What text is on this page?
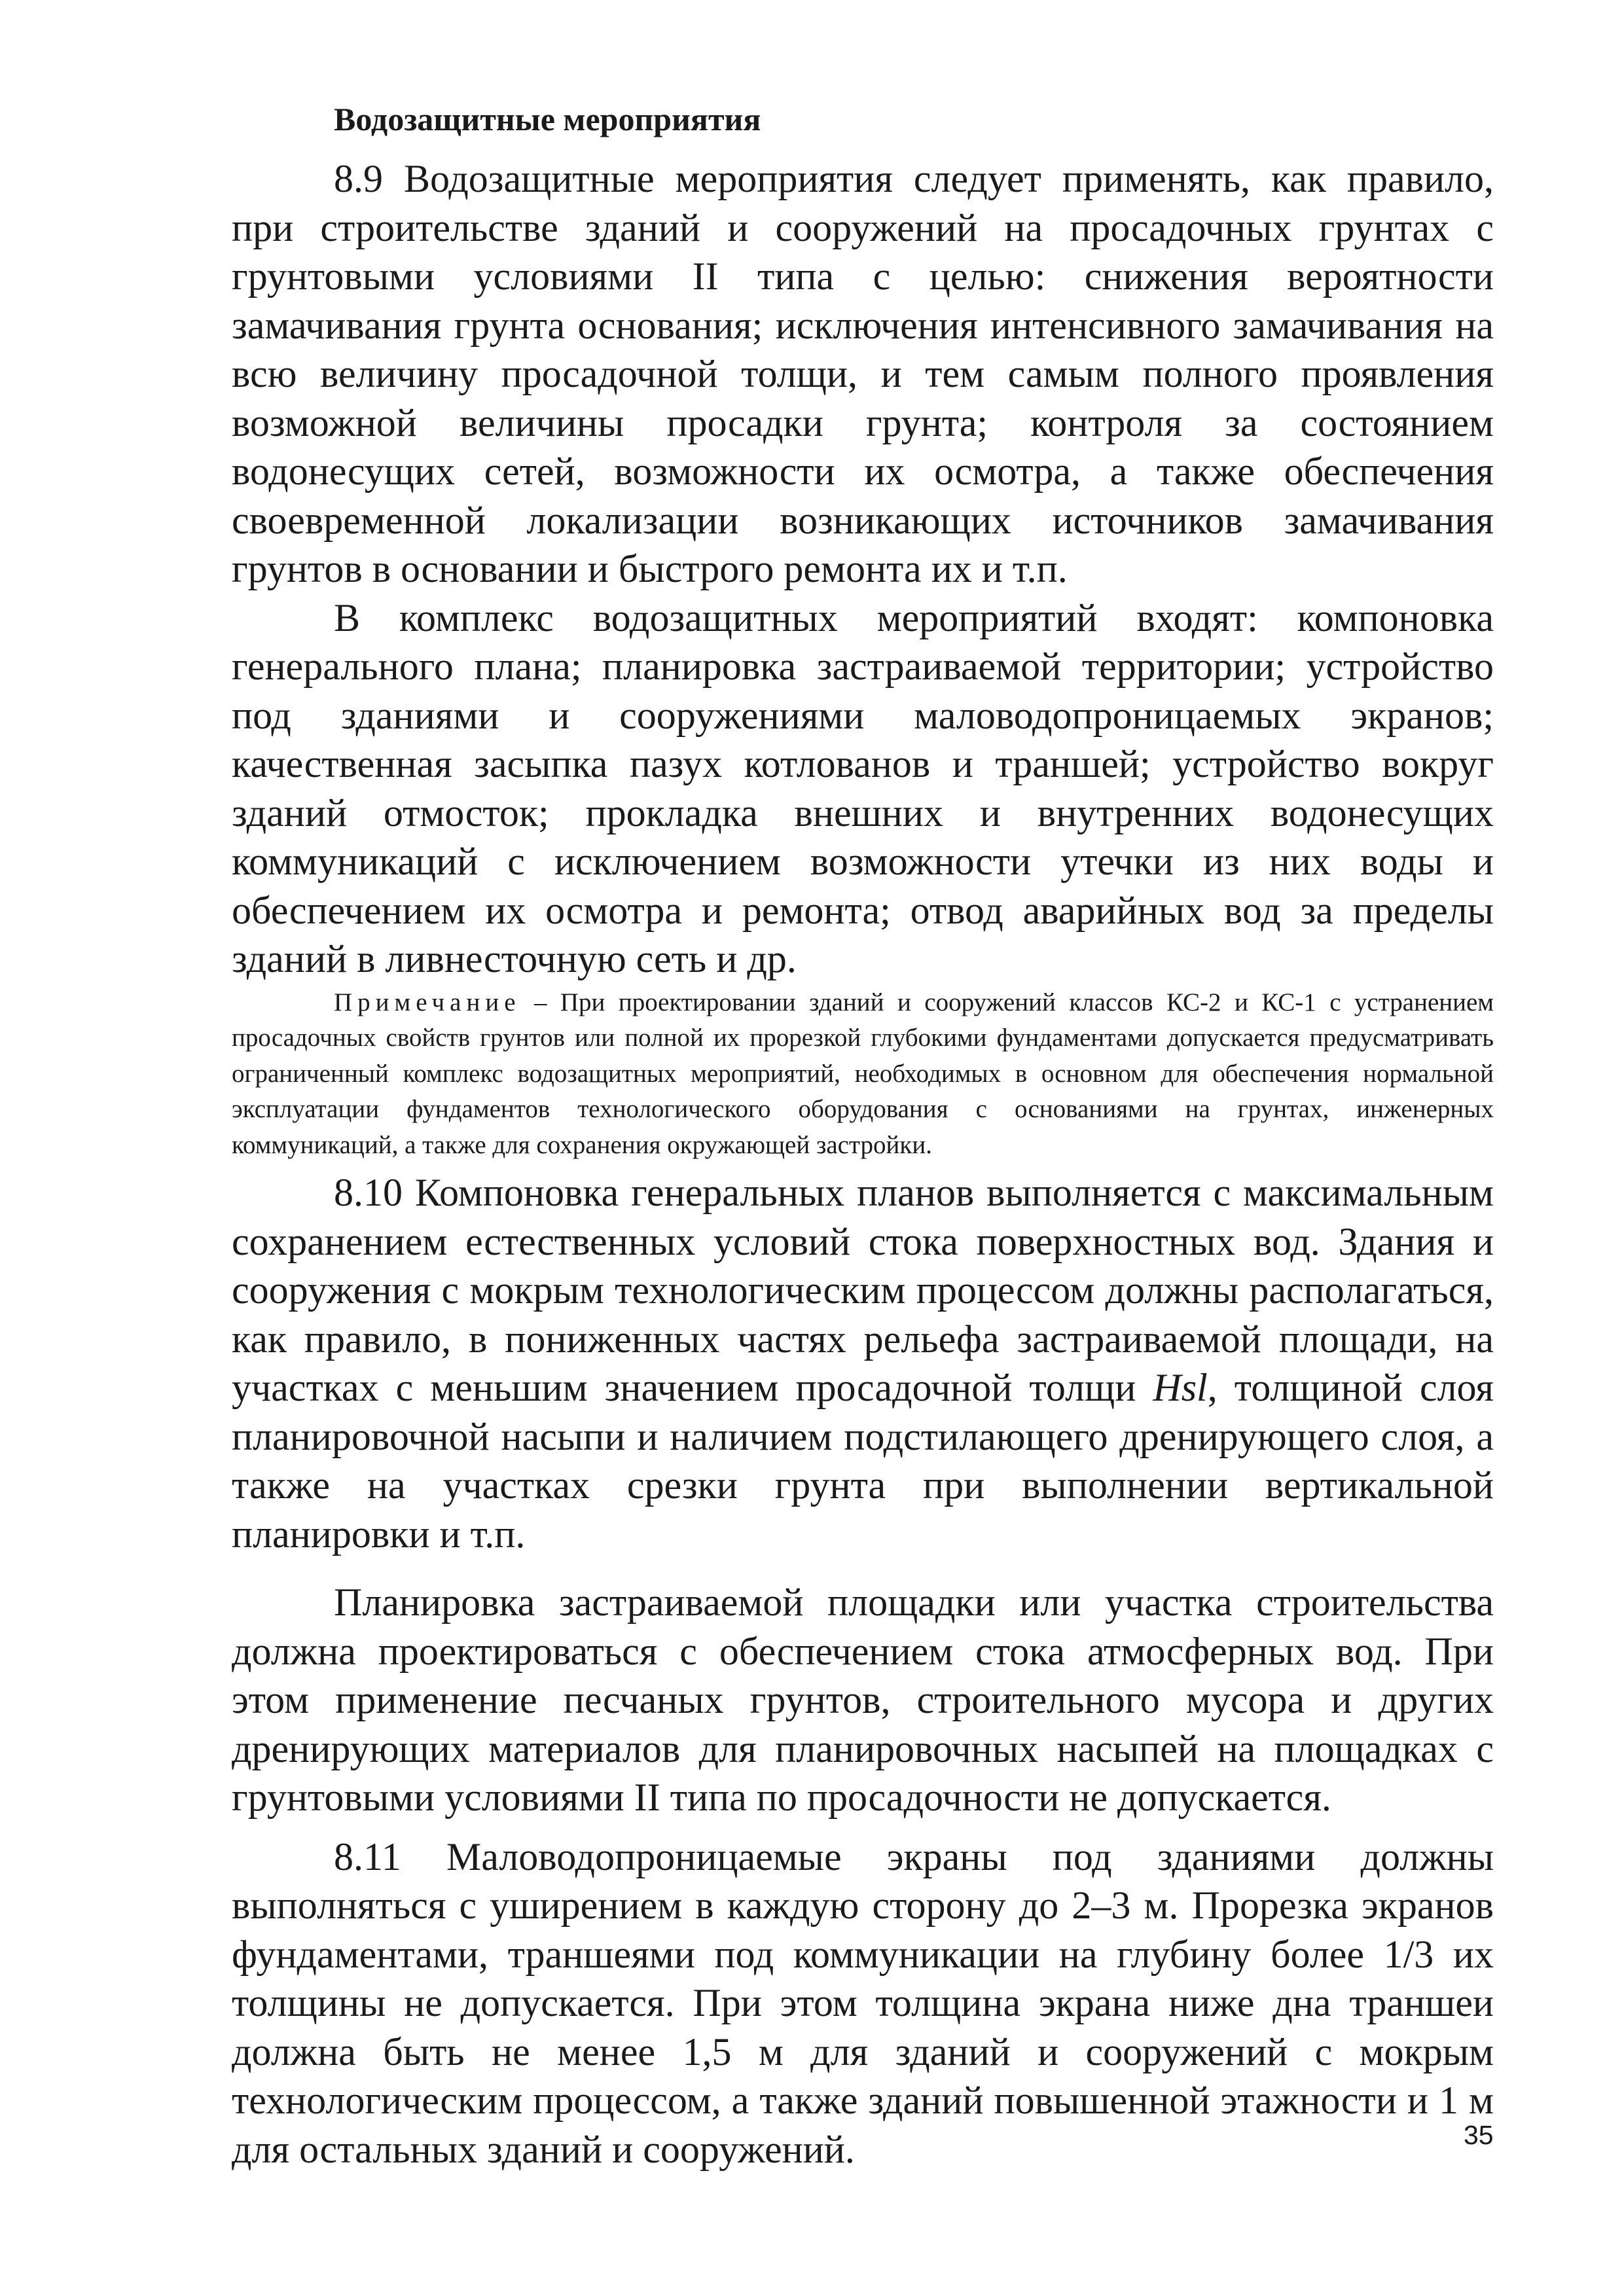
Водозащитные мероприятия

8.9 Водозащитные мероприятия следует применять, как правило, при строительстве зданий и сооружений на просадочных грунтах с грунтовыми условиями II типа с целью: снижения вероятности замачивания грунта основания; исключения интенсивного замачивания на всю величину просадочной толщи, и тем самым полного проявления возможной величины просадки грунта; контроля за состоянием водонесущих сетей, возможности их осмотра, а также обеспечения своевременной локализации возникающих источников замачивания грунтов в основании и быстрого ремонта их и т.п.

В комплекс водозащитных мероприятий входят: компоновка генерального плана; планировка застраиваемой территории; устройство под зданиями и сооружениями маловодопроницаемых экранов; качественная засыпка пазух котлованов и траншей; устройство вокруг зданий отмосток; прокладка внешних и внутренних водонесущих коммуникаций с исключением возможности утечки из них воды и обеспечением их осмотра и ремонта; отвод аварийных вод за пределы зданий в ливнесточную сеть и др.

Примечание – При проектировании зданий и сооружений классов КС-2 и КС-1 с устранением просадочных свойств грунтов или полной их прорезкой глубокими фундаментами допускается предусматривать ограниченный комплекс водозащитных мероприятий, необходимых в основном для обеспечения нормальной эксплуатации фундаментов технологического оборудования с основаниями на грунтах, инженерных коммуникаций, а также для сохранения окружающей застройки.

8.10 Компоновка генеральных планов выполняется с максимальным сохранением естественных условий стока поверхностных вод. Здания и сооружения с мокрым технологическим процессом должны располагаться, как правило, в пониженных частях рельефа застраиваемой площади, на участках с меньшим значением просадочной толщи Hsl, толщиной слоя планировочной насыпи и наличием подстилающего дренирующего слоя, а также на участках срезки грунта при выполнении вертикальной планировки и т.п.

Планировка застраиваемой площадки или участка строительства должна проектироваться с обеспечением стока атмосферных вод. При этом применение песчаных грунтов, строительного мусора и других дренирующих материалов для планировочных насыпей на площадках с грунтовыми условиями II типа по просадочности не допускается.

8.11 Маловодопроницаемые экраны под зданиями должны выполняться с уширением в каждую сторону до 2–3 м. Прорезка экранов фундаментами, траншеями под коммуникации на глубину более 1/3 их толщины не допускается. При этом толщина экрана ниже дна траншеи должна быть не менее 1,5 м для зданий и сооружений с мокрым технологическим процессом, а также зданий повышенной этажности и 1 м для остальных зданий и сооружений.	35
